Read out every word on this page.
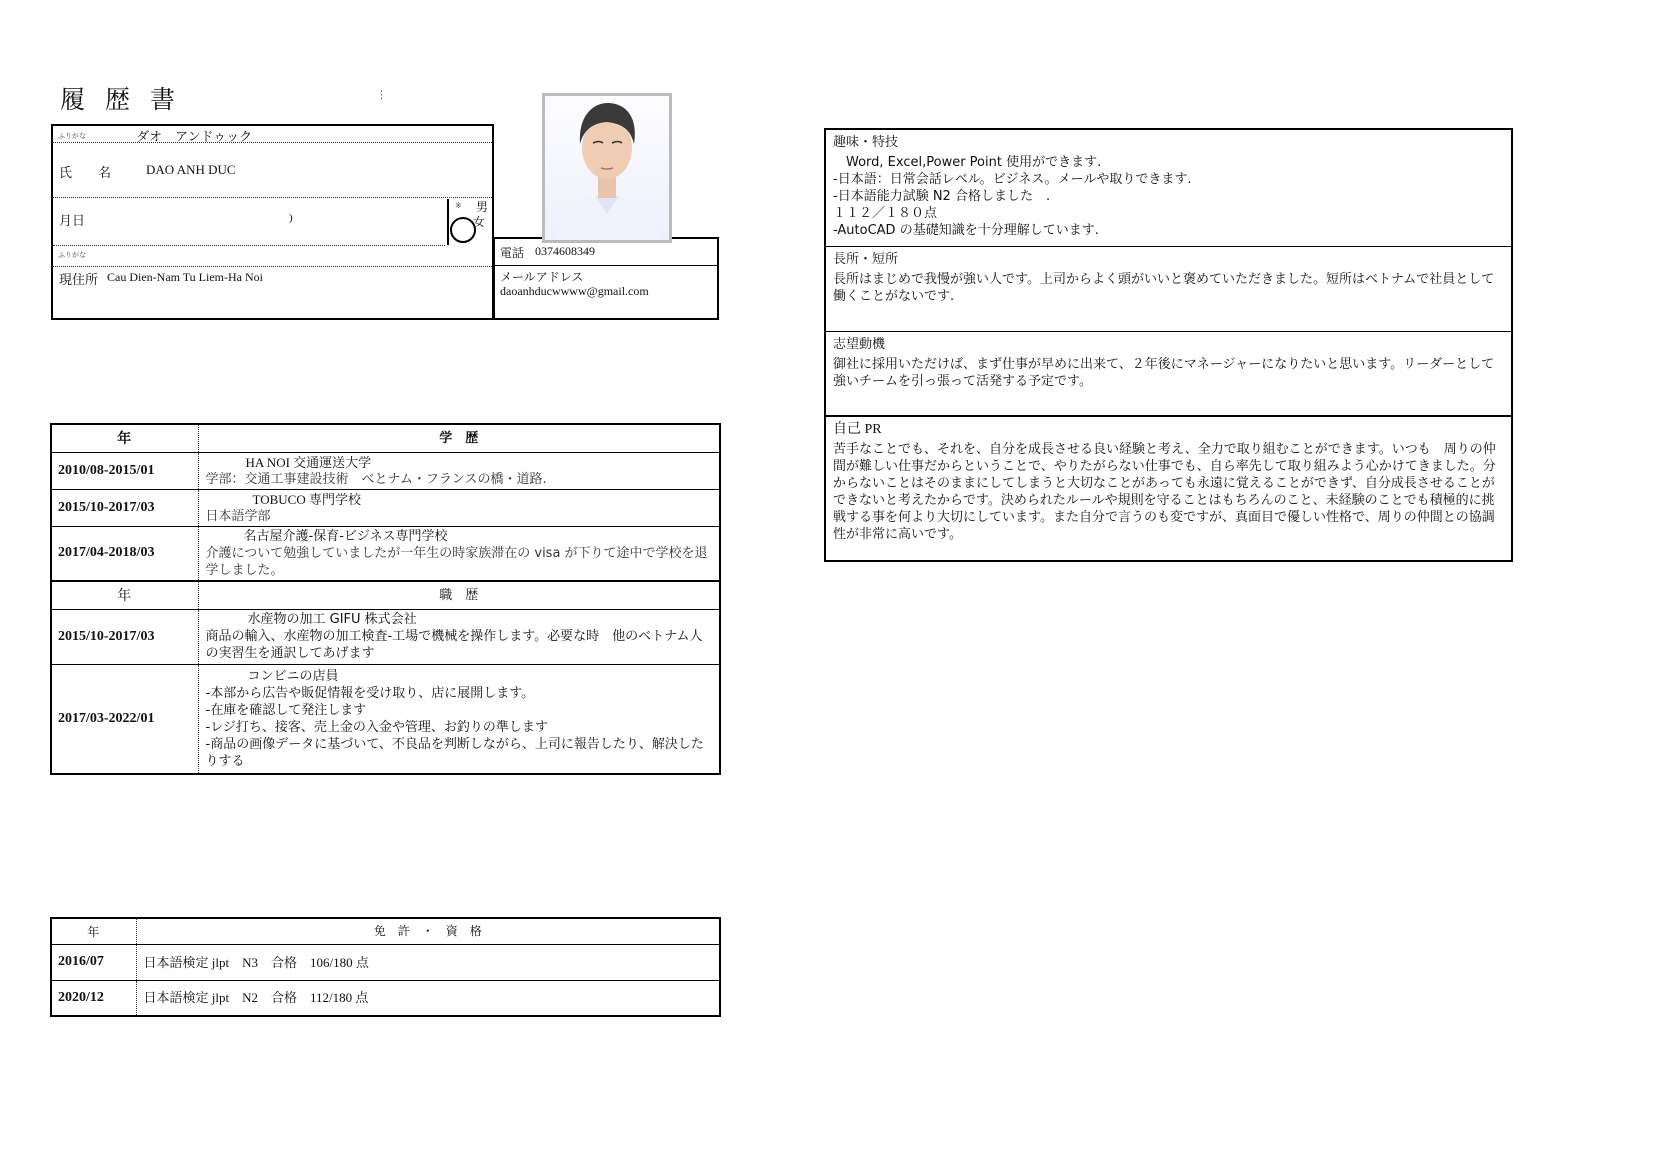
履歴書	⋮
ふりがな	ダオ　アンドゥック
氏　　名	DAO ANH DUC
月日	)
※ 男
女
ふりがな
現住所 Cau Dien-Nam Tu Liem-Ha Noi
電話 0374608349
メールアドレス
daoanhducwwww@gmail.com
年	学　歴
2010/08-2015/01	HA NOI 交通運送大学
学部：交通工事建設技術　べとナム・フランスの橋・道路.

2015/10-2017/03	TOBUCO 専門学校
日本語学部

2017/04-2018/03	名古屋介護-保育-ビジネス専門学校
介護について勉強していましたが一年生の時家族滞在の visa が下りて途中で学校を退学しました。

年	職　歴
2015/10-2017/03	水産物の加工 GIFU 株式会社
商品の輸入、水産物の加工検査-工場で機械を操作します。必要な時　他のベトナム人の実習生を通訳してあげます

2017/03-2022/01	コンビニの店員
-本部から広告や販促情報を受け取り、店に展開します。
-在庫を確認して発注します
-レジ打ち、接客、売上金の入金や管理、お釣りの準します
-商品の画像データに基づいて、不良品を判断しながら、上司に報告したり、解決したりする
年	免　許　・　資　格
2016/07	日本語検定 jlpt　N3　合格　106/180 点
2020/12	日本語検定 jlpt　N2　合格　112/180 点
趣味・特技
　Word, Excel,Power Point 使用ができます.
-日本語：日常会話レベル。ビジネス。メールや取りできます.
-日本語能力試験 N2 合格しました　.
１１２／１８０点
-AutoCAD の基礎知識を十分理解しています.
長所・短所
長所はまじめで我慢が強い人です。上司からよく頭がいいと褒めていただきました。短所はベトナムで社員として働くことがないです.
志望動機
御社に採用いただけば、まず仕事が早めに出来て、２年後にマネージャーになりたいと思います。リーダーとして強いチームを引っ張って活発する予定です。
自己 PR
苦手なことでも、それを、自分を成長させる良い経験と考え、全力で取り組むことができます。いつも　周りの仲間が難しい仕事だからということで、やりたがらない仕事でも、自ら率先して取り組みよう心かけてきました。分からないことはそのままにしてしまうと大切なことがあっても永遠に覚えることができず、自分成長させることができないと考えたからです。決められたルールや規則を守ることはもちろんのこと、未経験のことでも積極的に挑戦する事を何より大切にしています。また自分で言うのも変ですが、真面目で優しい性格で、周りの仲間との協調性が非常に高いです。
